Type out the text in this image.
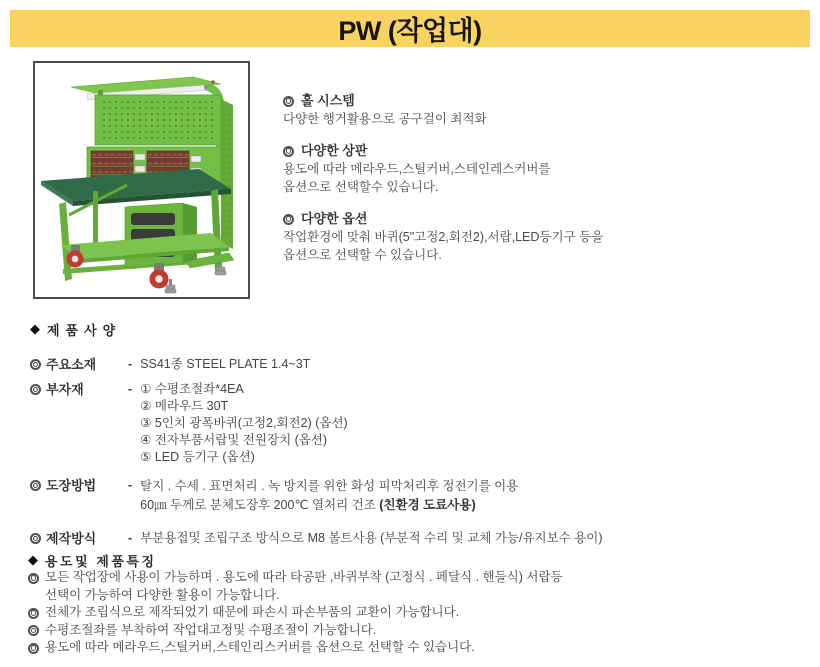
PW (작업대)
홀 시스템
다양한 행거활용으로 공구걸이 최적화
다양한 상판
용도에 따라 메라우드,스틸커버,스테인레스커버를
옵션으로 선택할수 있습니다.
다양한 옵션
작업환경에 맞춰 바퀴(5"고정2,회전2),서랍,LED등기구 등을
옵션으로 선택할 수 있습니다.
◆ 제품사양
주요소재	- SS41종 STEEL PLATE 1.4~3T
부자재	- ① 수평조절좌*4EA
② 메라우드 30T
③ 5인치 광폭바퀴(고정2,회전2) (옵션)
④ 전자부품서랍및 전원장치 (옵션)
⑤ LED 등기구 (옵션)
도장방법	- 탈지 . 수세 . 표면처리 . 녹 방지를 위한 화성 피막처리후 정전기를 이용
60㎛ 두께로 분체도장후 200℃ 열처리 건조 (친환경 도료사용)
제작방식	- 부분용접및 조립구조 방식으로 M8 볼트사용 (부분적 수리 및 교체 가능/유지보수 용이)
◆ 용도및 제품특징
모든 작업장에 사용이 가능하며 . 용도에 따라 타공판 ,바퀴부착 (고정식 . 페달식 . 핸들식) 서랍등
선택이 가능하여 다양한 활용이 가능합니다.
전체가 조립식으로 제작되었기 때문에 파손시 파손부품의 교환이 가능합니다.
수평조절좌를 부착하여 작업대고정및 수평조절이 가능합니다.
용도에 따라 메라우드,스틸커버,스테인리스커버를 옵션으로 선택할 수 있습니다.
